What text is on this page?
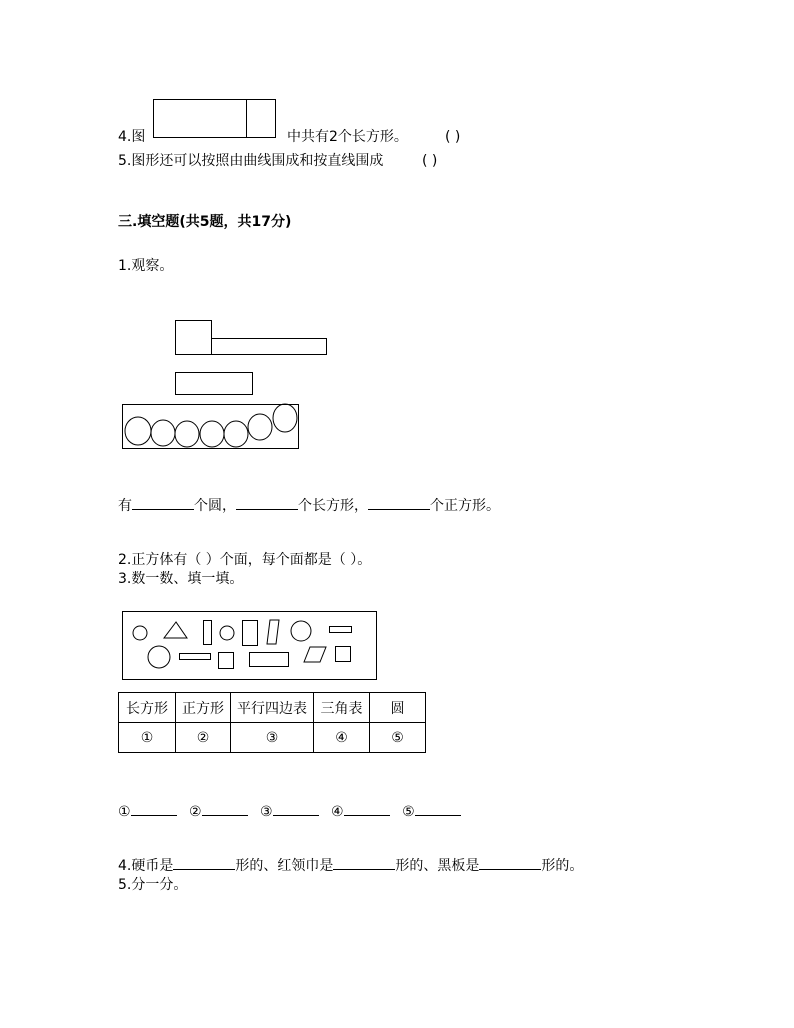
4.图	中共有2个长方形。	( )
5.图形还可以按照由曲线围成和按直线围成	( )
三.填空题(共5题，共17分)
1.观察。
有	个圆，	个长方形，	个正方形。
2.正方体有（ ）个面，每个面都是（ ）。
3.数一数、填一填。
长方形	正方形	平行四边表	三角表	圆
①	②	③	④	⑤
①	②	③	④	⑤
4.硬币是	形的、红领巾是	形的、黑板是	形的。
5.分一分。
